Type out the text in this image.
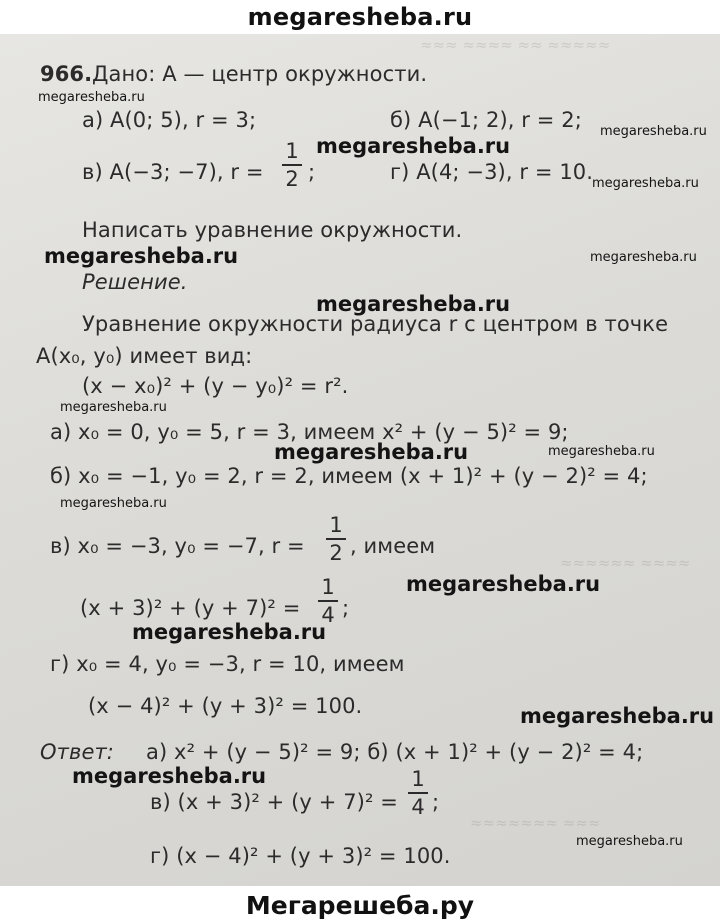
megaresheba.ru
≈≈≈ ≈≈≈≈ ≈≈ ≈≈≈≈≈
≈≈≈≈≈≈ ≈≈≈≈
≈≈≈≈≈≈≈ ≈≈≈
966. Дано: A — центр окружности.
а) A(0; 5), r = 3;	б) A(−1; 2), r = 2;
в) A(−3; −7), r =
1
2 ;	г) A(4; −3), r = 10.
Написать уравнение окружности.
Решение.
Уравнение окружности радиуса r с центром в точке
A(x₀, y₀) имеет вид:
(x − x₀)² + (y − y₀)² = r².
а) x₀ = 0, y₀ = 5, r = 3, имеем x² + (y − 5)² = 9;
б) x₀ = −1, y₀ = 2, r = 2, имеем (x + 1)² + (y − 2)² = 4;
в) x₀ = −3, y₀ = −7, r =
1
2 , имеем
(x + 3)² + (y + 7)² =
1
4 ;
г) x₀ = 4, y₀ = −3, r = 10, имеем
(x − 4)² + (y + 3)² = 100.
Ответ: а) x² + (y − 5)² = 9; б) (x + 1)² + (y − 2)² = 4;
в) (x + 3)² + (y + 7)² =
1
4 ;
г) (x − 4)² + (y + 3)² = 100.
megaresheba.ru
megaresheba.ru
megaresheba.ru
megaresheba.ru
megaresheba.ru	megaresheba.ru
megaresheba.ru
megaresheba.ru
megaresheba.ru	megaresheba.ru
megaresheba.ru
megaresheba.ru
megaresheba.ru
megaresheba.ru
megaresheba.ru
megaresheba.ru
Мегарешеба.ру
